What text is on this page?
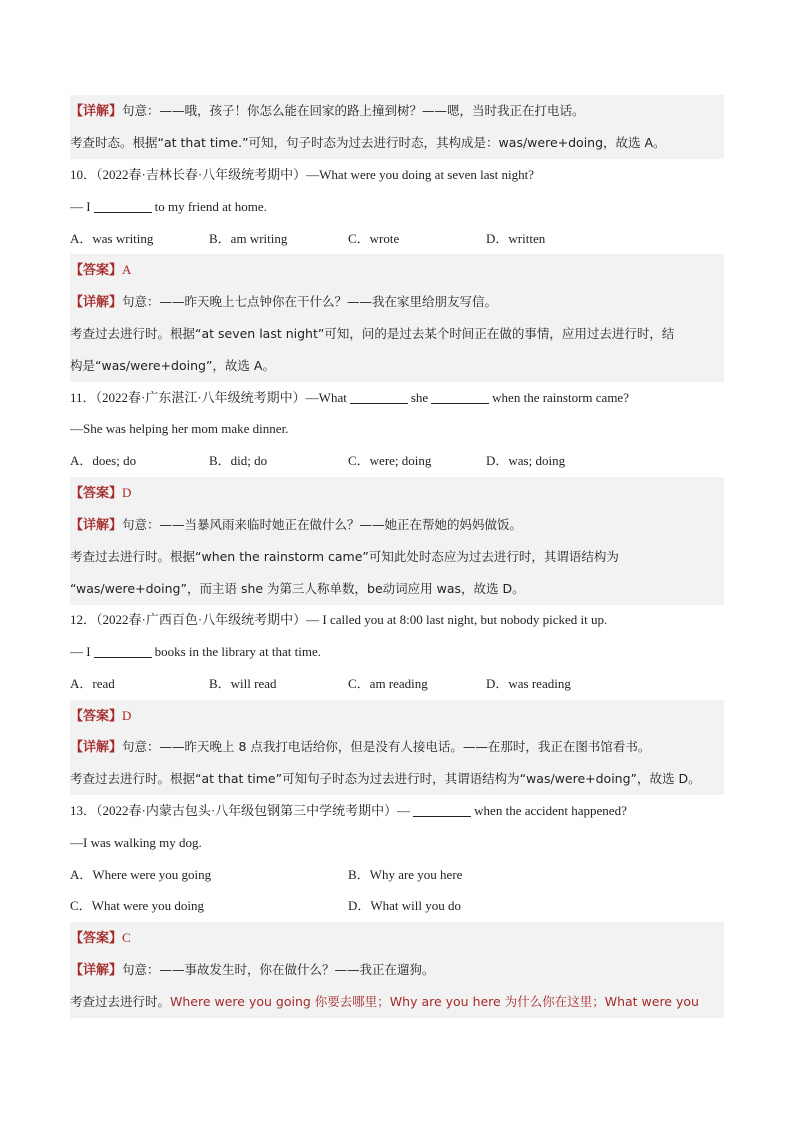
【详解】句意：——哦，孩子！你怎么能在回家的路上撞到树？——嗯，当时我正在打电话。
考查时态。根据“at that time.”可知，句子时态为过去进行时态，其构成是：was/were+doing，故选 A。
10．（2022春·吉林长春·八年级统考期中）—What were you doing at seven last night?
— I	to my friend at home.
A．was writing	B．am writing	C．wrote	D．written
【答案】A
【详解】句意：——昨天晚上七点钟你在干什么？——我在家里给朋友写信。
考查过去进行时。根据“at seven last night”可知，问的是过去某个时间正在做的事情，应用过去进行时，结
构是“was/were+doing”，故选 A。
11．（2022春·广东湛江·八年级统考期中）—What	she	when the rainstorm came?
—She was helping her mom make dinner.
A．does; do	B．did; do	C．were; doing	D．was; doing
【答案】D
【详解】句意：——当暴风雨来临时她正在做什么？——她正在帮她的妈妈做饭。
考查过去进行时。根据“when the rainstorm came”可知此处时态应为过去进行时，其谓语结构为
“was/were+doing”，而主语 she 为第三人称单数，be动词应用 was，故选 D。
12．（2022春·广西百色·八年级统考期中）— I called you at 8:00 last night, but nobody picked it up.
— I	books in the library at that time.
A．read	B．will read	C．am reading	D．was reading
【答案】D
【详解】句意：——昨天晚上 8 点我打电话给你，但是没有人接电话。——在那时，我正在图书馆看书。
考查过去进行时。根据“at that time”可知句子时态为过去进行时，其谓语结构为“was/were+doing”，故选 D。
13．（2022春·内蒙古包头·八年级包钢第三中学统考期中）—	when the accident happened?
—I was walking my dog.
A．Where were you going	B．Why are you here
C．What were you doing	D．What will you do
【答案】C
【详解】句意：——事故发生时，你在做什么？——我正在遛狗。
考查过去进行时。Where were you going 你要去哪里；Why are you here 为什么你在这里；What were you
